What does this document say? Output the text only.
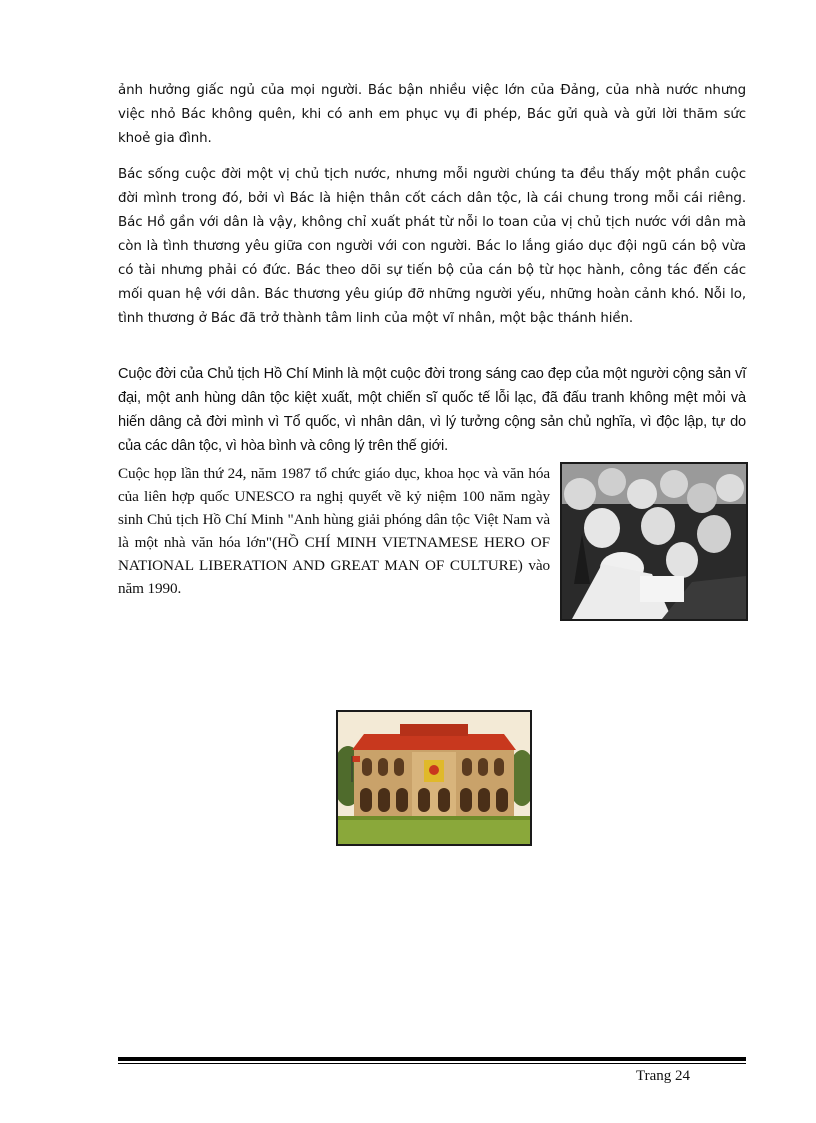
ảnh hưởng giấc ngủ của mọi người. Bác bận nhiều việc lớn của Đảng, của nhà nước nhưng việc nhỏ Bác không quên, khi có anh em phục vụ đi phép, Bác gửi quà và gửi lời thăm sức khoẻ gia đình.

Bác sống cuộc đời một vị chủ tịch nước, nhưng mỗi người chúng ta đều thấy một phần cuộc đời mình trong đó, bởi vì Bác là hiện thân cốt cách dân tộc, là cái chung trong mỗi cái riêng. Bác Hồ gần với dân là vậy, không chỉ xuất phát từ nỗi lo toan của vị chủ tịch nước với dân mà còn là tình thương yêu giữa con người với con người. Bác lo lắng giáo dục đội ngũ cán bộ vừa có tài nhưng phải có đức. Bác theo dõi sự tiến bộ của cán bộ từ học hành, công tác đến các mối quan hệ với dân. Bác thương yêu giúp đỡ những người yếu, những hoàn cảnh khó. Nỗi lo, tình thương ở Bác đã trở thành tâm linh của một vĩ nhân, một bậc thánh hiền.

Cuộc đời của Chủ tịch Hồ Chí Minh là một cuộc đời trong sáng cao đẹp của một người cộng sản vĩ đại, một anh hùng dân tộc kiệt xuất, một chiến sĩ quốc tế lỗi lạc, đã đấu tranh không mệt mỏi và hiến dâng cả đời mình vì Tổ quốc, vì nhân dân, vì lý tưởng cộng sản chủ nghĩa, vì độc lập, tự do của các dân tộc, vì hòa bình và công lý trên thế giới.

Cuộc họp lần thứ 24, năm 1987 tổ chức giáo dục, khoa học và văn hóa của liên hợp quốc UNESCO ra nghị quyết về kỷ niệm 100 năm ngày sinh Chủ tịch Hồ Chí Minh "Anh hùng giải phóng dân tộc Việt Nam và là một nhà văn hóa lớn"(HỒ CHÍ MINH VIETNAMESE HERO OF NATIONAL LIBERATION AND GREAT MAN OF CULTURE) vào năm 1990.

Trang 24
